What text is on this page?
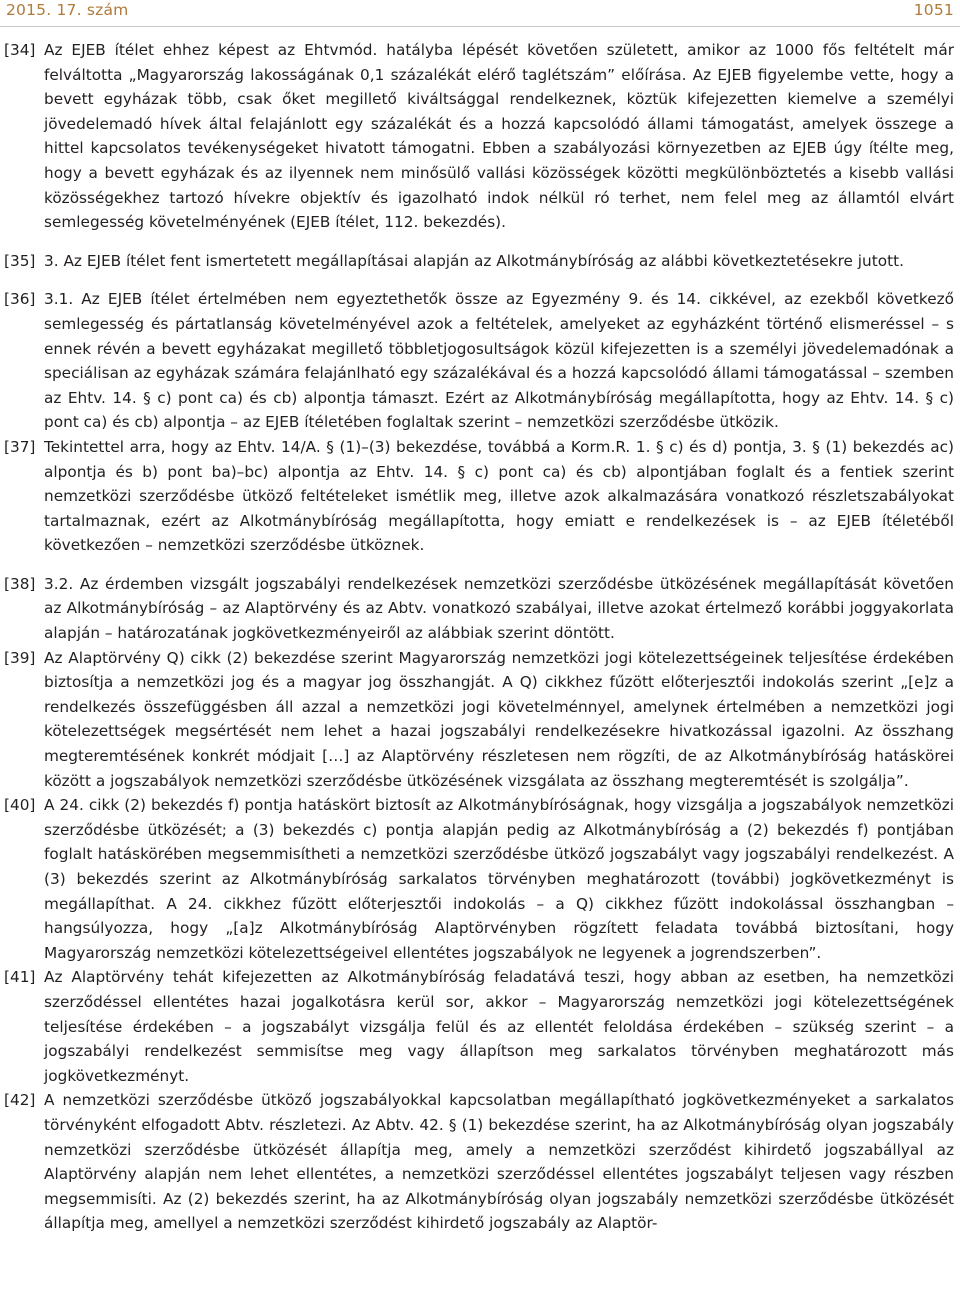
2015. 17. szám	1051
[34] Az EJEB ítélet ehhez képest az Ehtvmód. hatályba lépését követően született, amikor az 1000 fős feltételt már felváltotta „Magyarország lakosságának 0,1 százalékát elérő taglétszám” előírása. Az EJEB figyelembe vette, hogy a bevett egyházak több, csak őket megillető kiváltsággal rendelkeznek, köztük kifejezetten kiemelve a személyi jövedelemadó hívek által felajánlott egy százalékát és a hozzá kapcsolódó állami támogatást, amelyek összege a hittel kapcsolatos tevékenységeket hivatott támogatni. Ebben a szabályozási környezetben az EJEB úgy ítélte meg, hogy a bevett egyházak és az ilyennek nem minősülő vallási közösségek közötti megkülönböztetés a kisebb vallási közösségekhez tartozó hívekre objektív és igazolható indok nélkül ró terhet, nem felel meg az államtól elvárt semlegesség követelményének (EJEB ítélet, 112. bekezdés).
[35] 3. Az EJEB ítélet fent ismertetett megállapításai alapján az Alkotmánybíróság az alábbi következtetésekre jutott.
[36] 3.1. Az EJEB ítélet értelmében nem egyeztethetők össze az Egyezmény 9. és 14. cikkével, az ezekből következő semlegesség és pártatlanság követelményével azok a feltételek, amelyeket az egyházként történő elismeréssel – s ennek révén a bevett egyházakat megillető többletjogosultságok közül kifejezetten is a személyi jövedelemadónak a speciálisan az egyházak számára felajánlható egy százalékával és a hozzá kapcsolódó állami támogatással – szemben az Ehtv. 14. § c) pont ca) és cb) alpontja támaszt. Ezért az Alkotmánybíróság megállapította, hogy az Ehtv. 14. § c) pont ca) és cb) alpontja – az EJEB ítéletében foglaltak szerint – nemzetközi szerződésbe ütközik.
[37] Tekintettel arra, hogy az Ehtv. 14/A. § (1)–(3) bekezdése, továbbá a Korm.R. 1. § c) és d) pontja, 3. § (1) bekezdés ac) alpontja és b) pont ba)–bc) alpontja az Ehtv. 14. § c) pont ca) és cb) alpontjában foglalt és a fentiek szerint nemzetközi szerződésbe ütköző feltételeket ismétlik meg, illetve azok alkalmazására vonatkozó részletszabályokat tartalmaznak, ezért az Alkotmánybíróság megállapította, hogy emiatt e rendelkezések is – az EJEB ítéletéből következően – nemzetközi szerződésbe ütköznek.
[38] 3.2. Az érdemben vizsgált jogszabályi rendelkezések nemzetközi szerződésbe ütközésének megállapítását követően az Alkotmánybíróság – az Alaptörvény és az Abtv. vonatkozó szabályai, illetve azokat értelmező korábbi joggyakorlata alapján – határozatának jogkövetkezményeiről az alábbiak szerint döntött.
[39] Az Alaptörvény Q) cikk (2) bekezdése szerint Magyarország nemzetközi jogi kötelezettségeinek teljesítése érdekében biztosítja a nemzetközi jog és a magyar jog összhangját. A Q) cikkhez fűzött előterjesztői indokolás szerint „[e]z a rendelkezés összefüggésben áll azzal a nemzetközi jogi követelménnyel, amelynek értelmében a nemzetközi jogi kötelezettségek megsértését nem lehet a hazai jogszabályi rendelkezésekre hivatkozással igazolni. Az összhang megteremtésének konkrét módjait […] az Alaptörvény részletesen nem rögzíti, de az Alkotmánybíróság hatáskörei között a jogszabályok nemzetközi szerződésbe ütközésének vizsgálata az összhang megteremtését is szolgálja”.
[40] A 24. cikk (2) bekezdés f) pontja hatáskört biztosít az Alkotmánybíróságnak, hogy vizsgálja a jogszabályok nemzetközi szerződésbe ütközését; a (3) bekezdés c) pontja alapján pedig az Alkotmánybíróság a (2) bekezdés f) pontjában foglalt hatáskörében megsemmisítheti a nemzetközi szerződésbe ütköző jogszabályt vagy jogszabályi rendelkezést. A (3) bekezdés szerint az Alkotmánybíróság sarkalatos törvényben meghatározott (további) jogkövetkezményt is megállapíthat. A 24. cikkhez fűzött előterjesztői indokolás – a Q) cikkhez fűzött indokolással összhangban – hangsúlyozza, hogy „[a]z Alkotmánybíróság Alaptörvényben rögzített feladata továbbá biztosítani, hogy Magyarország nemzetközi kötelezettségeivel ellentétes jogszabályok ne legyenek a jogrendszerben”.
[41] Az Alaptörvény tehát kifejezetten az Alkotmánybíróság feladatává teszi, hogy abban az esetben, ha nemzetközi szerződéssel ellentétes hazai jogalkotásra kerül sor, akkor – Magyarország nemzetközi jogi kötelezettségének teljesítése érdekében – a jogszabályt vizsgálja felül és az ellentét feloldása érdekében – szükség szerint – a jogszabályi rendelkezést semmisítse meg vagy állapítson meg sarkalatos törvényben meghatározott más jogkövetkezményt.
[42] A nemzetközi szerződésbe ütköző jogszabályokkal kapcsolatban megállapítható jogkövetkezményeket a sarkalatos törvényként elfogadott Abtv. részletezi. Az Abtv. 42. § (1) bekezdése szerint, ha az Alkotmánybíróság olyan jogszabály nemzetközi szerződésbe ütközését állapítja meg, amely a nemzetközi szerződést kihirdető jogszabállyal az Alaptörvény alapján nem lehet ellentétes, a nemzetközi szerződéssel ellentétes jogszabályt teljesen vagy részben megsemmisíti. Az (2) bekezdés szerint, ha az Alkotmánybíróság olyan jogszabály nemzetközi szerződésbe ütközését állapítja meg, amellyel a nemzetközi szerződést kihirdető jogszabály az Alaptör-
